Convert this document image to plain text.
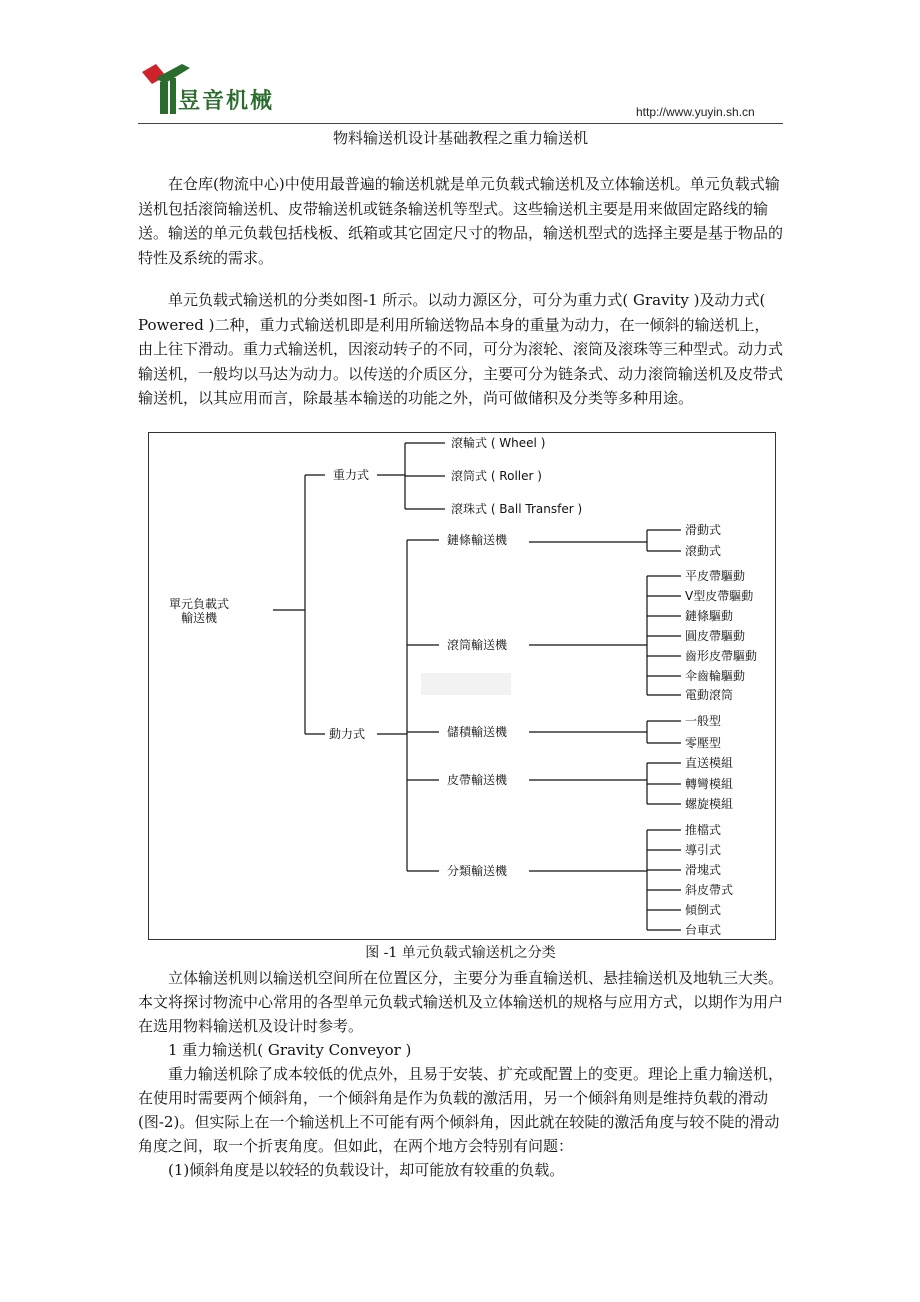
昱音机械	http://www.yuyin.sh.cn
物料输送机设计基础教程之重力输送机

在仓库(物流中心)中使用最普遍的输送机就是单元负载式输送机及立体输送机。单元负载式输送机包括滚筒输送机、皮带输送机或链条输送机等型式。这些输送机主要是用来做固定路线的输送。输送的单元负载包括栈板、纸箱或其它固定尺寸的物品，输送机型式的选择主要是基于物品的特性及系统的需求。

单元负载式输送机的分类如图-1 所示。以动力源区分，可分为重力式( Gravity )及动力式( Powered )二种，重力式输送机即是利用所输送物品本身的重量为动力，在一倾斜的输送机上，由上往下滑动。重力式输送机，因滚动转子的不同，可分为滚轮、滚筒及滚珠等三种型式。动力式输送机，一般均以马达为动力。以传送的介质区分，主要可分为链条式、动力滚筒输送机及皮带式输送机，以其应用而言，除最基本输送的功能之外，尚可做储积及分类等多种用途。

單元負載式
輸送機
重力式
滾輪式 ( Wheel )
滾筒式 ( Roller )
滾珠式 ( Ball Transfer )
動力式
鏈條輸送機
滑動式
滾動式
滾筒輸送機
平皮帶驅動
V型皮帶驅動
鏈條驅動
圓皮帶驅動
齒形皮帶驅動
伞齒輪驅動
電動滾筒
儲積輸送機
一般型
零壓型
皮帶輸送機
直送模組
轉彎模組
螺旋模組
分類輸送機
推檔式
導引式
滑塊式
斜皮帶式
傾倒式
台車式
图 -1 单元负载式输送机之分类

立体输送机则以输送机空间所在位置区分，主要分为垂直输送机、悬挂输送机及地轨三大类。本文将探讨物流中心常用的各型单元负载式输送机及立体输送机的规格与应用方式，以期作为用户在选用物料输送机及设计时参考。

1 重力输送机( Gravity Conveyor )

重力输送机除了成本较低的优点外，且易于安装、扩充或配置上的变更。理论上重力输送机，在使用时需要两个倾斜角，一个倾斜角是作为负载的激活用，另一个倾斜角则是维持负载的滑动(图-2)。但实际上在一个输送机上不可能有两个倾斜角，因此就在较陡的激活角度与较不陡的滑动角度之间，取一个折衷角度。但如此，在两个地方会特别有问题：

(1)倾斜角度是以较轻的负载设计，却可能放有较重的负载。
